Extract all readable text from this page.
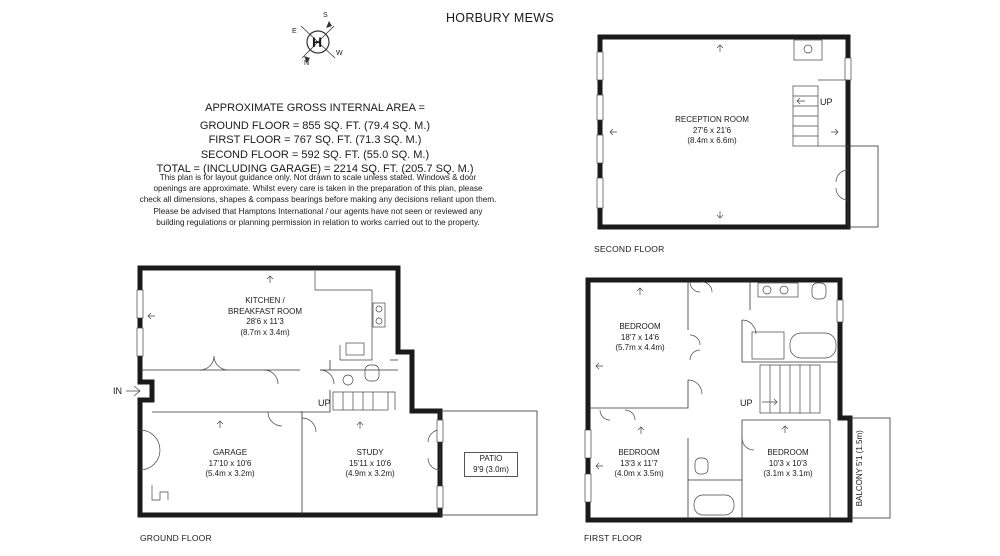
HORBURY MEWS
H
S
E
W
N
APPROXIMATE GROSS INTERNAL AREA =
GROUND FLOOR = 855 SQ. FT. (79.4 SQ. M.)
FIRST FLOOR = 767 SQ. FT. (71.3 SQ. M.)
SECOND FLOOR = 592 SQ. FT. (55.0 SQ. M.)
TOTAL = (INCLUDING GARAGE) = 2214 SQ. FT. (205.7 SQ. M.)
This plan is for layout guidance only. Not drawn to scale unless stated. Windows & door
openings are approximate. Whilst every care is taken in the preparation of this plan, please
check all dimensions, shapes & compass bearings before making any decisions reliant upon them.
Please be advised that Hamptons International / our agents have not seen or reviewed any
building regulations or planning permission in relation to works carried out to the property.
SECOND FLOOR
FIRST FLOOR
GROUND FLOOR
RECEPTION ROOM
27'6 x 21'6
(8.4m x 6.6m)
UP
BEDROOM
18'7 x 14'6
(5.7m x 4.4m)
BEDROOM
13'3 x 11'7
(4.0m x 3.5m)
BEDROOM
10'3 x 10'3
(3.1m x 3.1m)
UP
BALCONY 5'1 (1.5m)
KITCHEN /
BREAKFAST ROOM
28'6 x 11'3
(8.7m x 3.4m)
GARAGE
17'10 x 10'6
(5.4m x 3.2m)
STUDY
15'11 x 10'6
(4.9m x 3.2m)
PATIO
9'9 (3.0m)
UP
IN
